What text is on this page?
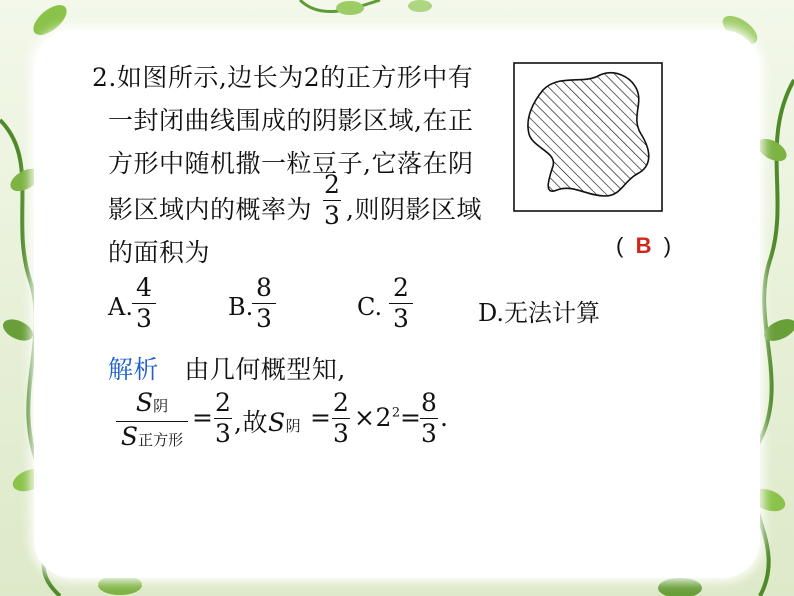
2.如图所示,边长为2的正方形中有
一封闭曲线围成的阴影区域,在正
方形中随机撒一粒豆子,它落在阴
影区域内的概率为
2
3 ,则阴影区域
的面积为	( B )
A.
4
3	B.
8
3	C.
2
3	D.无法计算
解析 由几何概型知,
S阴
S正方形
=
2
3 ,故S阴 =
2
3
$\times 2^2$ =
8
3
.
